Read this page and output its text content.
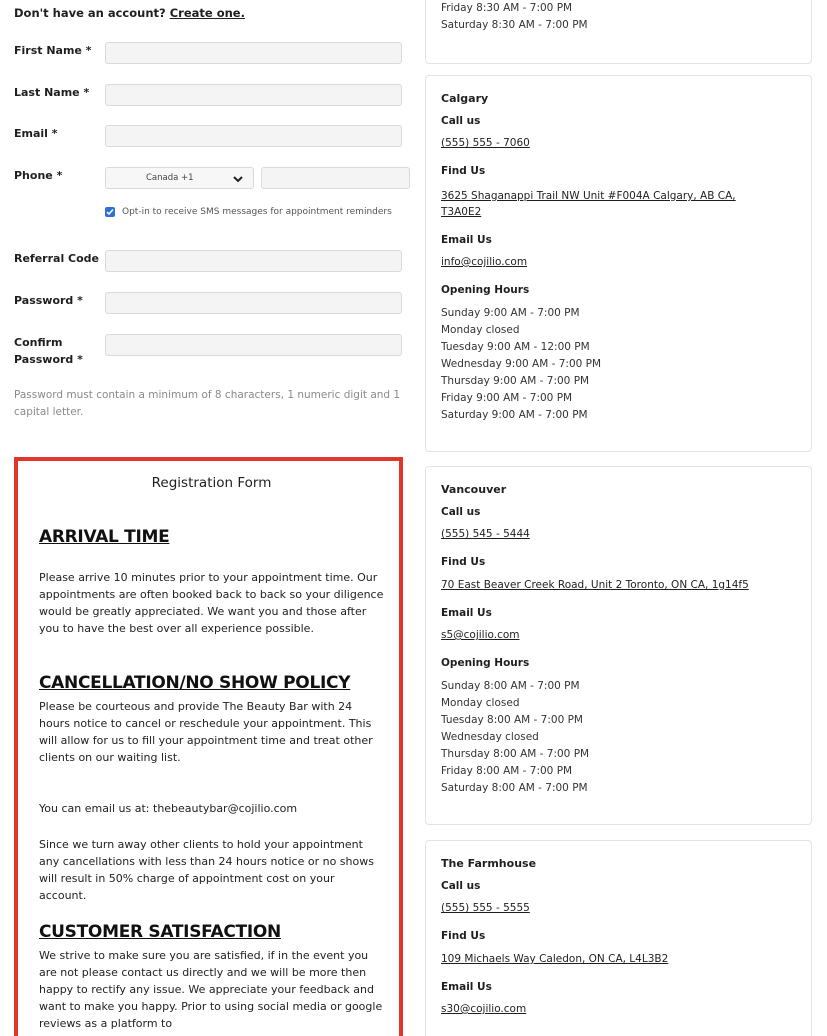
Don't have an account? Create one.
First Name *
Last Name *
Email *
Phone *	Canada +1
Opt-in to receive SMS messages for appointment reminders
Referral Code
Password *
Confirm
Password *
Password must contain a minimum of 8 characters, 1 numeric digit and 1 capital letter.
Registration Form
ARRIVAL TIME
Please arrive 10 minutes prior to your appointment time. Our appointments are often booked back to back so your diligence would be greatly appreciated. We want you and those after you to have the best over all experience possible.
CANCELLATION/NO SHOW POLICY
Please be courteous and provide The Beauty Bar with 24 hours notice to cancel or reschedule your appointment. This will allow for us to fill your appointment time and treat other clients on our waiting list.
You can email us at: thebeautybar@cojilio.com
Since we turn away other clients to hold your appointment any cancellations with less than 24 hours notice or no shows will result in 50% charge of appointment cost on your account.
CUSTOMER SATISFACTION
We strive to make sure you are satisfied, if in the event you are not please contact us directly and we will be more then happy to rectify any issue. We appreciate your feedback and want to make you happy. Prior to using social media or google reviews as a platform to
Friday 8:30 AM - 7:00 PM
Saturday 8:30 AM - 7:00 PM
Calgary
Call us
(555) 555 - 7060
Find Us
3625 Shaganappi Trail NW Unit #F004A Calgary, AB CA, T3A0E2
Email Us
info@cojilio.com
Opening Hours
Sunday 9:00 AM - 7:00 PM
Monday closed
Tuesday 9:00 AM - 12:00 PM
Wednesday 9:00 AM - 7:00 PM
Thursday 9:00 AM - 7:00 PM
Friday 9:00 AM - 7:00 PM
Saturday 9:00 AM - 7:00 PM
Vancouver
Call us
(555) 545 - 5444
Find Us
70 East Beaver Creek Road, Unit 2 Toronto, ON CA, 1g14f5
Email Us
s5@cojilio.com
Opening Hours
Sunday 8:00 AM - 7:00 PM
Monday closed
Tuesday 8:00 AM - 7:00 PM
Wednesday closed
Thursday 8:00 AM - 7:00 PM
Friday 8:00 AM - 7:00 PM
Saturday 8:00 AM - 7:00 PM
The Farmhouse
Call us
(555) 555 - 5555
Find Us
109 Michaels Way Caledon, ON CA, L4L3B2
Email Us
s30@cojilio.com
